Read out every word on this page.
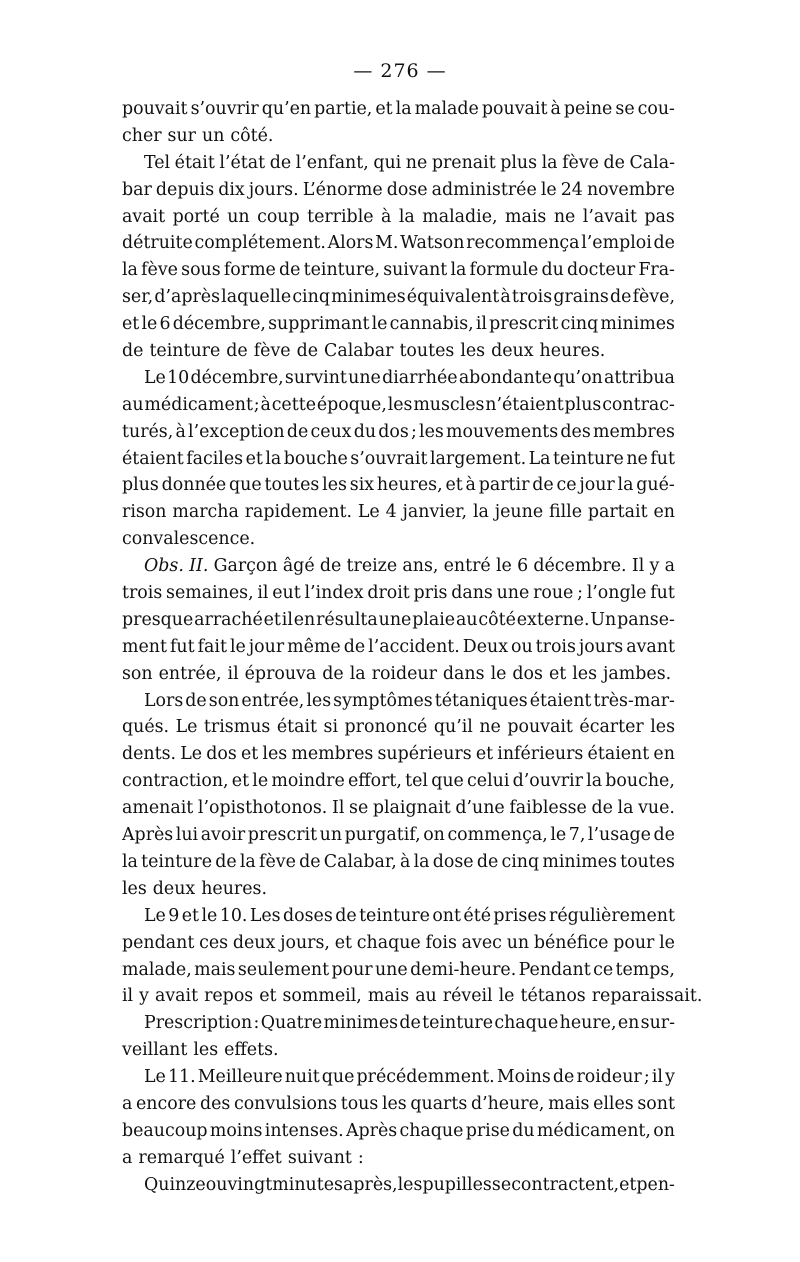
— 276 —
pouvait s’ouvrir qu’en partie, et la malade pouvait à peine se cou-
cher sur un côté.
Tel était l’état de l’enfant, qui ne prenait plus la fève de Cala-
bar depuis dix jours. L’énorme dose administrée le 24 novembre
avait porté un coup terrible à la maladie, mais ne l’avait pas
détruite complétement. Alors M. Watson recommença l’emploi de
la fève sous forme de teinture, suivant la formule du docteur Fra-
ser, d’après laquelle cinq minimes équivalent à trois grains de fève,
et le 6 décembre, supprimant le cannabis, il prescrit cinq minimes
de teinture de fève de Calabar toutes les deux heures.
Le 10 décembre, survint une diarrhée abondante qu’on attribua
au médicament ; à cette époque, les muscles n’étaient plus contrac-
turés, à l’exception de ceux du dos ; les mouvements des membres
étaient faciles et la bouche s’ouvrait largement. La teinture ne fut
plus donnée que toutes les six heures, et à partir de ce jour la gué-
rison marcha rapidement. Le 4 janvier, la jeune fille partait en
convalescence.
Obs. II. Garçon âgé de treize ans, entré le 6 décembre. Il y a
trois semaines, il eut l’index droit pris dans une roue ; l’ongle fut
presque arraché et il en résulta une plaie au côté externe. Un panse-
ment fut fait le jour même de l’accident. Deux ou trois jours avant
son entrée, il éprouva de la roideur dans le dos et les jambes.
Lors de son entrée, les symptômes tétaniques étaient très-mar-
qués. Le trismus était si prononcé qu’il ne pouvait écarter les
dents. Le dos et les membres supérieurs et inférieurs étaient en
contraction, et le moindre effort, tel que celui d’ouvrir la bouche,
amenait l’opisthotonos. Il se plaignait d’une faiblesse de la vue.
Après lui avoir prescrit un purgatif, on commença, le 7, l’usage de
la teinture de la fève de Calabar, à la dose de cinq minimes toutes
les deux heures.
Le 9 et le 10. Les doses de teinture ont été prises régulièrement
pendant ces deux jours, et chaque fois avec un bénéfice pour le
malade, mais seulement pour une demi-heure. Pendant ce temps,
il y avait repos et sommeil, mais au réveil le tétanos reparaissait.
Prescription : Quatre minimes de teinture chaque heure, en sur-
veillant les effets.
Le 11. Meilleure nuit que précédemment. Moins de roideur ; il y
a encore des convulsions tous les quarts d’heure, mais elles sont
beaucoup moins intenses. Après chaque prise du médicament, on
a remarqué l’effet suivant :
Quinze ou vingt minutes après, les pupilles se contractent, et pen-
